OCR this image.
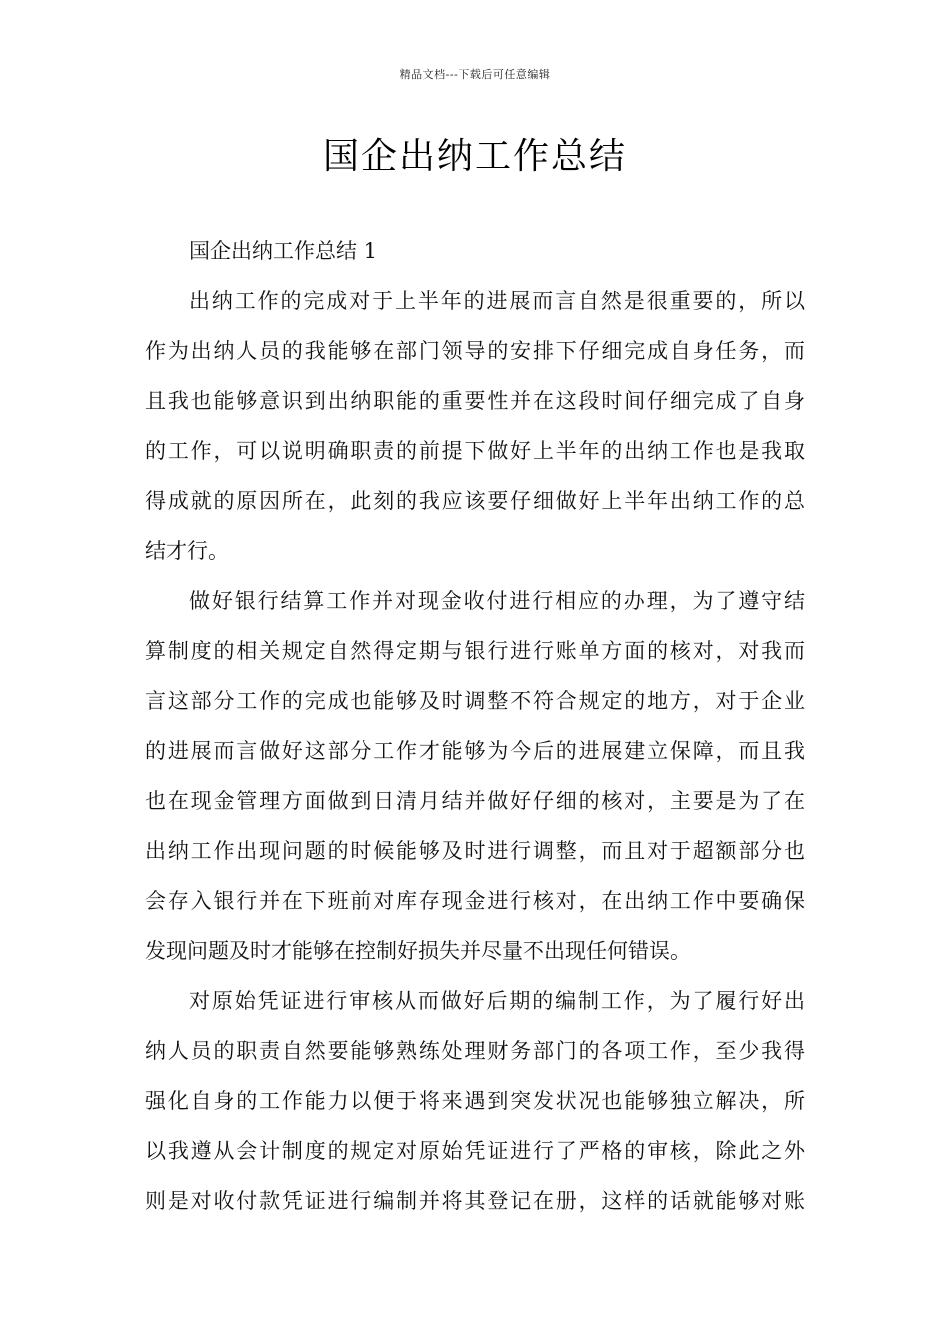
精品文档---下载后可任意编辑
国企出纳工作总结

国企出纳工作总结 1

出纳工作的完成对于上半年的进展而言自然是很重要的，所以
作为出纳人员的我能够在部门领导的安排下仔细完成自身任务，而
且我也能够意识到出纳职能的重要性并在这段时间仔细完成了自身
的工作，可以说明确职责的前提下做好上半年的出纳工作也是我取
得成就的原因所在，此刻的我应该要仔细做好上半年出纳工作的总
结才行。

做好银行结算工作并对现金收付进行相应的办理，为了遵守结
算制度的相关规定自然得定期与银行进行账单方面的核对，对我而
言这部分工作的完成也能够及时调整不符合规定的地方，对于企业
的进展而言做好这部分工作才能够为今后的进展建立保障，而且我
也在现金管理方面做到日清月结并做好仔细的核对，主要是为了在
出纳工作出现问题的时候能够及时进行调整，而且对于超额部分也
会存入银行并在下班前对库存现金进行核对，在出纳工作中要确保
发现问题及时才能够在控制好损失并尽量不出现任何错误。

对原始凭证进行审核从而做好后期的编制工作，为了履行好出
纳人员的职责自然要能够熟练处理财务部门的各项工作，至少我得
强化自身的工作能力以便于将来遇到突发状况也能够独立解决，所
以我遵从会计制度的规定对原始凭证进行了严格的审核，除此之外
则是对收付款凭证进行编制并将其登记在册，这样的话就能够对账
